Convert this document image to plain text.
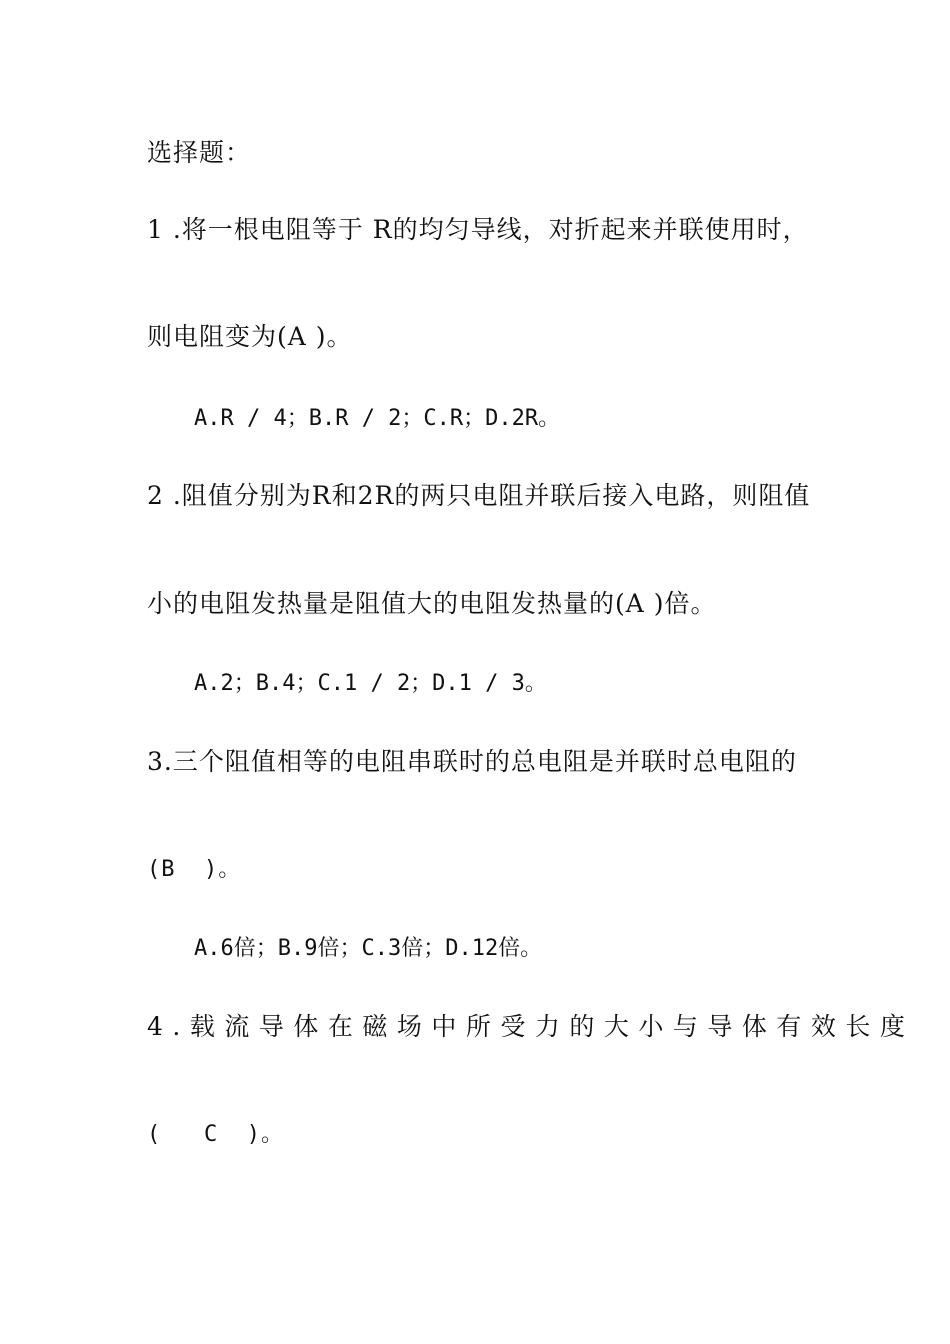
选择题：
1 .将一根电阻等于 R的均匀导线，对折起来并联使用时，
则电阻变为(A )。
A.R / 4；B.R / 2；C.R；D.2R。
2 .阻值分别为R和2R的两只电阻并联后接入电路，则阻值
小的电阻发热量是阻值大的电阻发热量的(A )倍。
A.2；B.4；C.1 / 2；D.1 / 3。
3.三个阻值相等的电阻串联时的总电阻是并联时总电阻的
(B  )。
A.6倍；B.9倍；C.3倍；D.12倍。
4.载流导体在磁场中所受力的大小与导体有效长度
(   C  )。
